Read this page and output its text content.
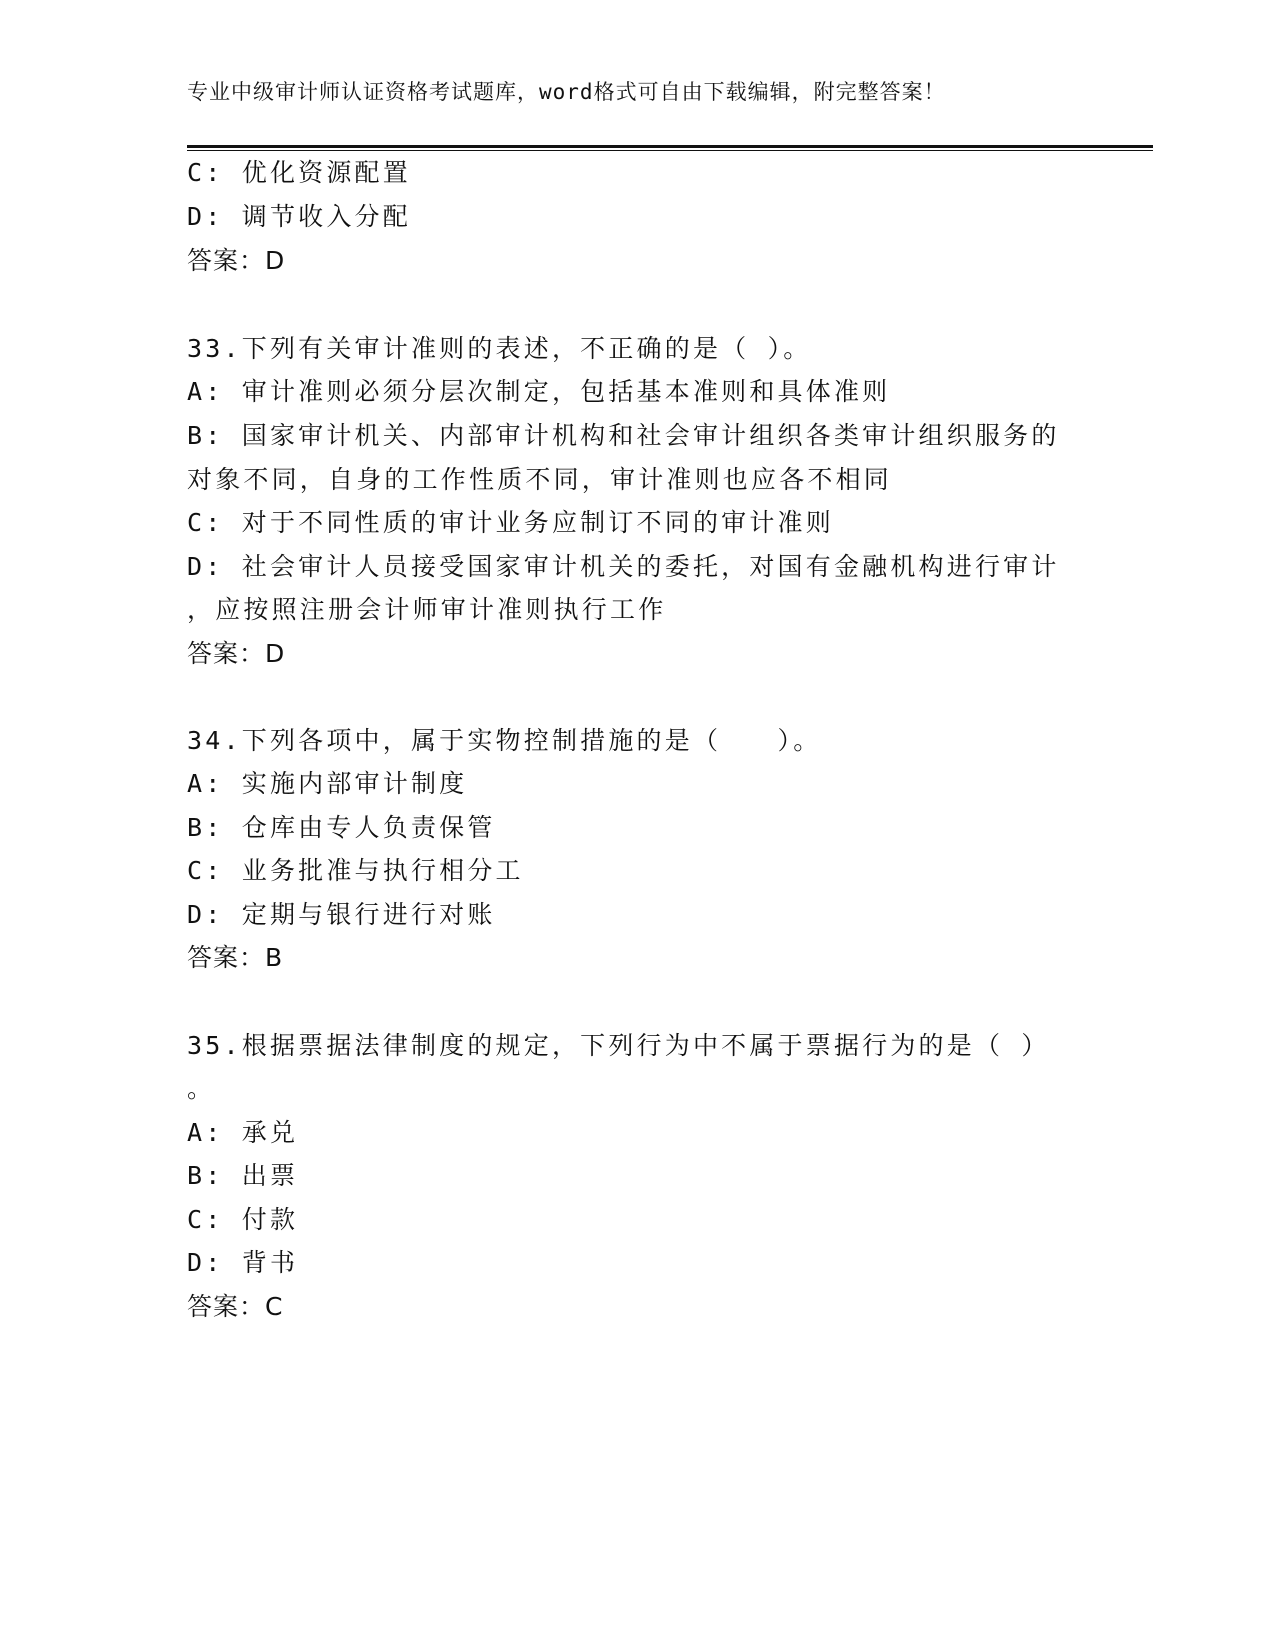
专业中级审计师认证资格考试题库，word格式可自由下载编辑，附完整答案！
C: 优化资源配置
D: 调节收入分配
答案：D
33.下列有关审计准则的表述，不正确的是（ ）。
A: 审计准则必须分层次制定，包括基本准则和具体准则
B: 国家审计机关、内部审计机构和社会审计组织各类审计组织服务的
对象不同，自身的工作性质不同，审计准则也应各不相同
C: 对于不同性质的审计业务应制订不同的审计准则
D: 社会审计人员接受国家审计机关的委托，对国有金融机构进行审计
，应按照注册会计师审计准则执行工作
答案：D
34.下列各项中，属于实物控制措施的是（　　）。
A: 实施内部审计制度
B: 仓库由专人负责保管
C: 业务批准与执行相分工
D: 定期与银行进行对账
答案：B
35.根据票据法律制度的规定，下列行为中不属于票据行为的是（ ）
。
A: 承兑
B: 出票
C: 付款
D: 背书
答案：C
